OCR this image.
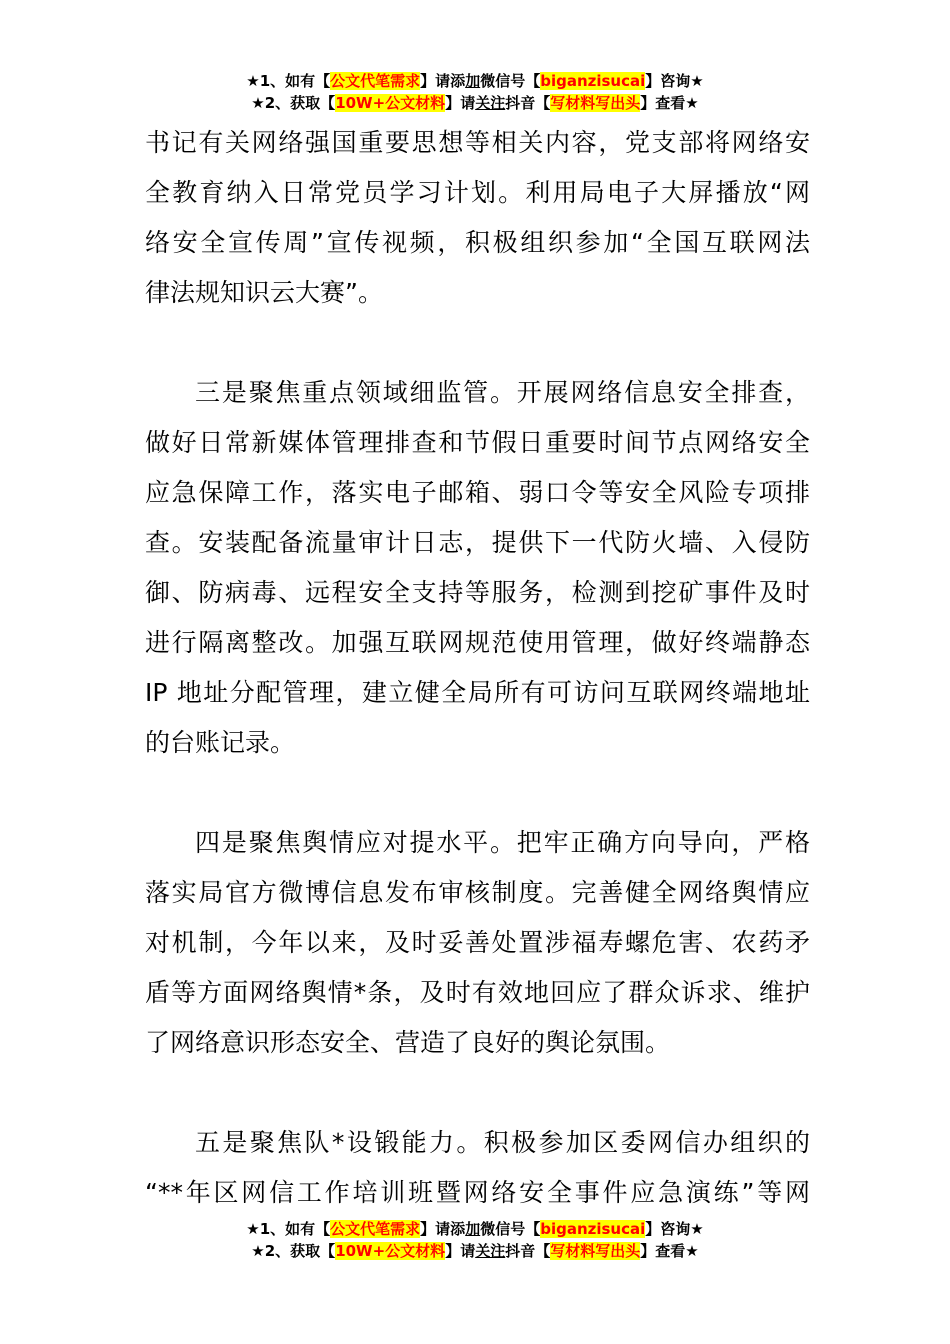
★1、如有【公文代笔需求】请添加微信号【biganzisucai】咨询★
★2、获取【10W+公文材料】请关注抖音【写材料写出头】查看★
书记有关网络强国重要思想等相关内容，党支部将网络安
全教育纳入日常党员学习计划。利用局电子大屏播放“网
络安全宣传周”宣传视频，积极组织参加“全国互联网法
律法规知识云大赛”。
三是聚焦重点领域细监管。开展网络信息安全排查，
做好日常新媒体管理排查和节假日重要时间节点网络安全
应急保障工作，落实电子邮箱、弱口令等安全风险专项排
查。安装配备流量审计日志，提供下一代防火墙、入侵防
御、防病毒、远程安全支持等服务，检测到挖矿事件及时
进行隔离整改。加强互联网规范使用管理，做好终端静态
IP 地址分配管理，建立健全局所有可访问互联网终端地址
的台账记录。
四是聚焦舆情应对提水平。把牢正确方向导向，严格
落实局官方微博信息发布审核制度。完善健全网络舆情应
对机制，今年以来，及时妥善处置涉福寿螺危害、农药矛
盾等方面网络舆情*条，及时有效地回应了群众诉求、维护
了网络意识形态安全、营造了良好的舆论氛围。
五是聚焦队*设锻能力。积极参加区委网信办组织的
“**年区网信工作培训班暨网络安全事件应急演练”等网
★1、如有【公文代笔需求】请添加微信号【biganzisucai】咨询★
★2、获取【10W+公文材料】请关注抖音【写材料写出头】查看★
